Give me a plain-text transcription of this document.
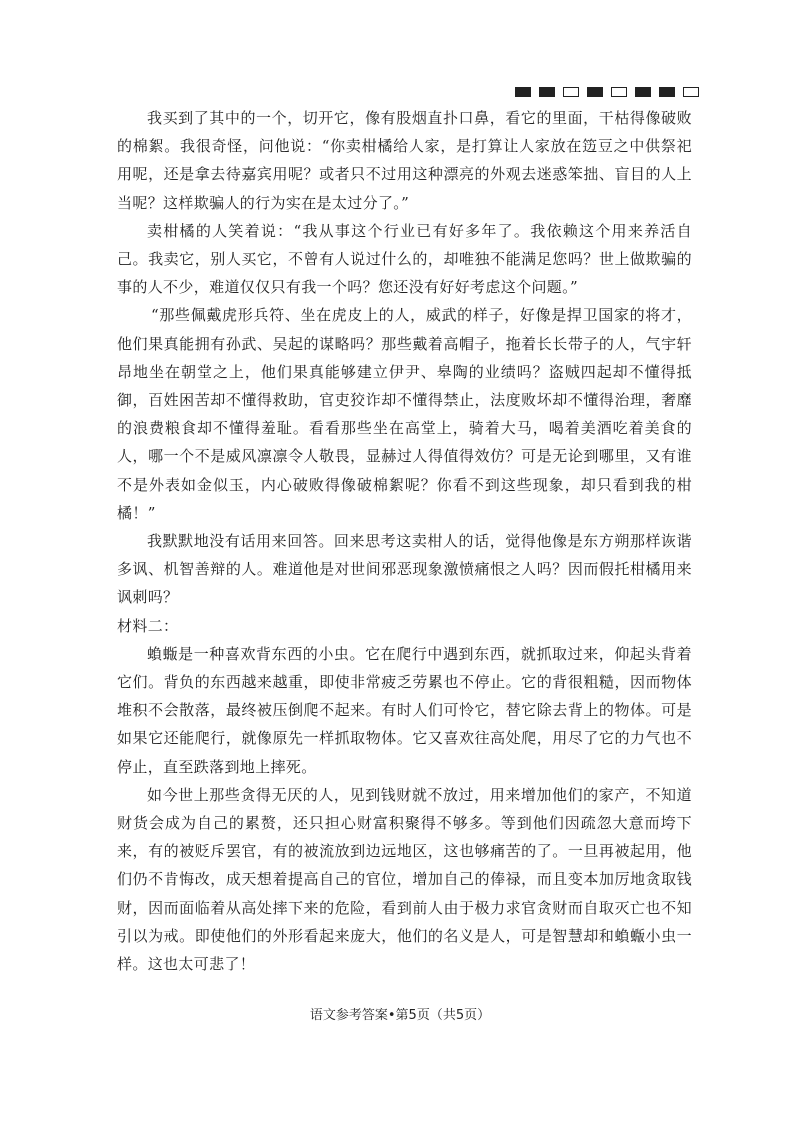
我买到了其中的一个，切开它，像有股烟直扑口鼻，看它的里面，干枯得像破败的棉絮。我很奇怪，问他说：“你卖柑橘给人家，是打算让人家放在笾豆之中供祭祀用呢，还是拿去待嘉宾用呢？或者只不过用这种漂亮的外观去迷惑笨拙、盲目的人上当呢？这样欺骗人的行为实在是太过分了。”

卖柑橘的人笑着说：“我从事这个行业已有好多年了。我依赖这个用来养活自己。我卖它，别人买它，不曾有人说过什么的，却唯独不能满足您吗？世上做欺骗的事的人不少，难道仅仅只有我一个吗？您还没有好好考虑这个问题。”

“那些佩戴虎形兵符、坐在虎皮上的人，威武的样子，好像是捍卫国家的将才，他们果真能拥有孙武、吴起的谋略吗？那些戴着高帽子，拖着长长带子的人，气宇轩昂地坐在朝堂之上，他们果真能够建立伊尹、皋陶的业绩吗？盗贼四起却不懂得抵御，百姓困苦却不懂得救助，官吏狡诈却不懂得禁止，法度败坏却不懂得治理，奢靡的浪费粮食却不懂得羞耻。看看那些坐在高堂上，骑着大马，喝着美酒吃着美食的人，哪一个不是威风凛凛令人敬畏，显赫过人得值得效仿？可是无论到哪里，又有谁不是外表如金似玉，内心破败得像破棉絮呢？你看不到这些现象，却只看到我的柑橘！”

我默默地没有话用来回答。回来思考这卖柑人的话，觉得他像是东方朔那样诙谐多讽、机智善辩的人。难道他是对世间邪恶现象激愤痛恨之人吗？因而假托柑橘用来讽刺吗？

材料二：

蝜蝂是一种喜欢背东西的小虫。它在爬行中遇到东西，就抓取过来，仰起头背着它们。背负的东西越来越重，即使非常疲乏劳累也不停止。它的背很粗糙，因而物体堆积不会散落，最终被压倒爬不起来。有时人们可怜它，替它除去背上的物体。可是如果它还能爬行，就像原先一样抓取物体。它又喜欢往高处爬，用尽了它的力气也不停止，直至跌落到地上摔死。

如今世上那些贪得无厌的人，见到钱财就不放过，用来增加他们的家产，不知道财货会成为自己的累赘，还只担心财富积聚得不够多。等到他们因疏忽大意而垮下来，有的被贬斥罢官，有的被流放到边远地区，这也够痛苦的了。一旦再被起用，他们仍不肯悔改，成天想着提高自己的官位，增加自己的俸禄，而且变本加厉地贪取钱财，因而面临着从高处摔下来的危险，看到前人由于极力求官贪财而自取灭亡也不知引以为戒。即使他们的外形看起来庞大，他们的名义是人，可是智慧却和蝜蝂小虫一样。这也太可悲了！

语文参考答案•第5页（共5页）
